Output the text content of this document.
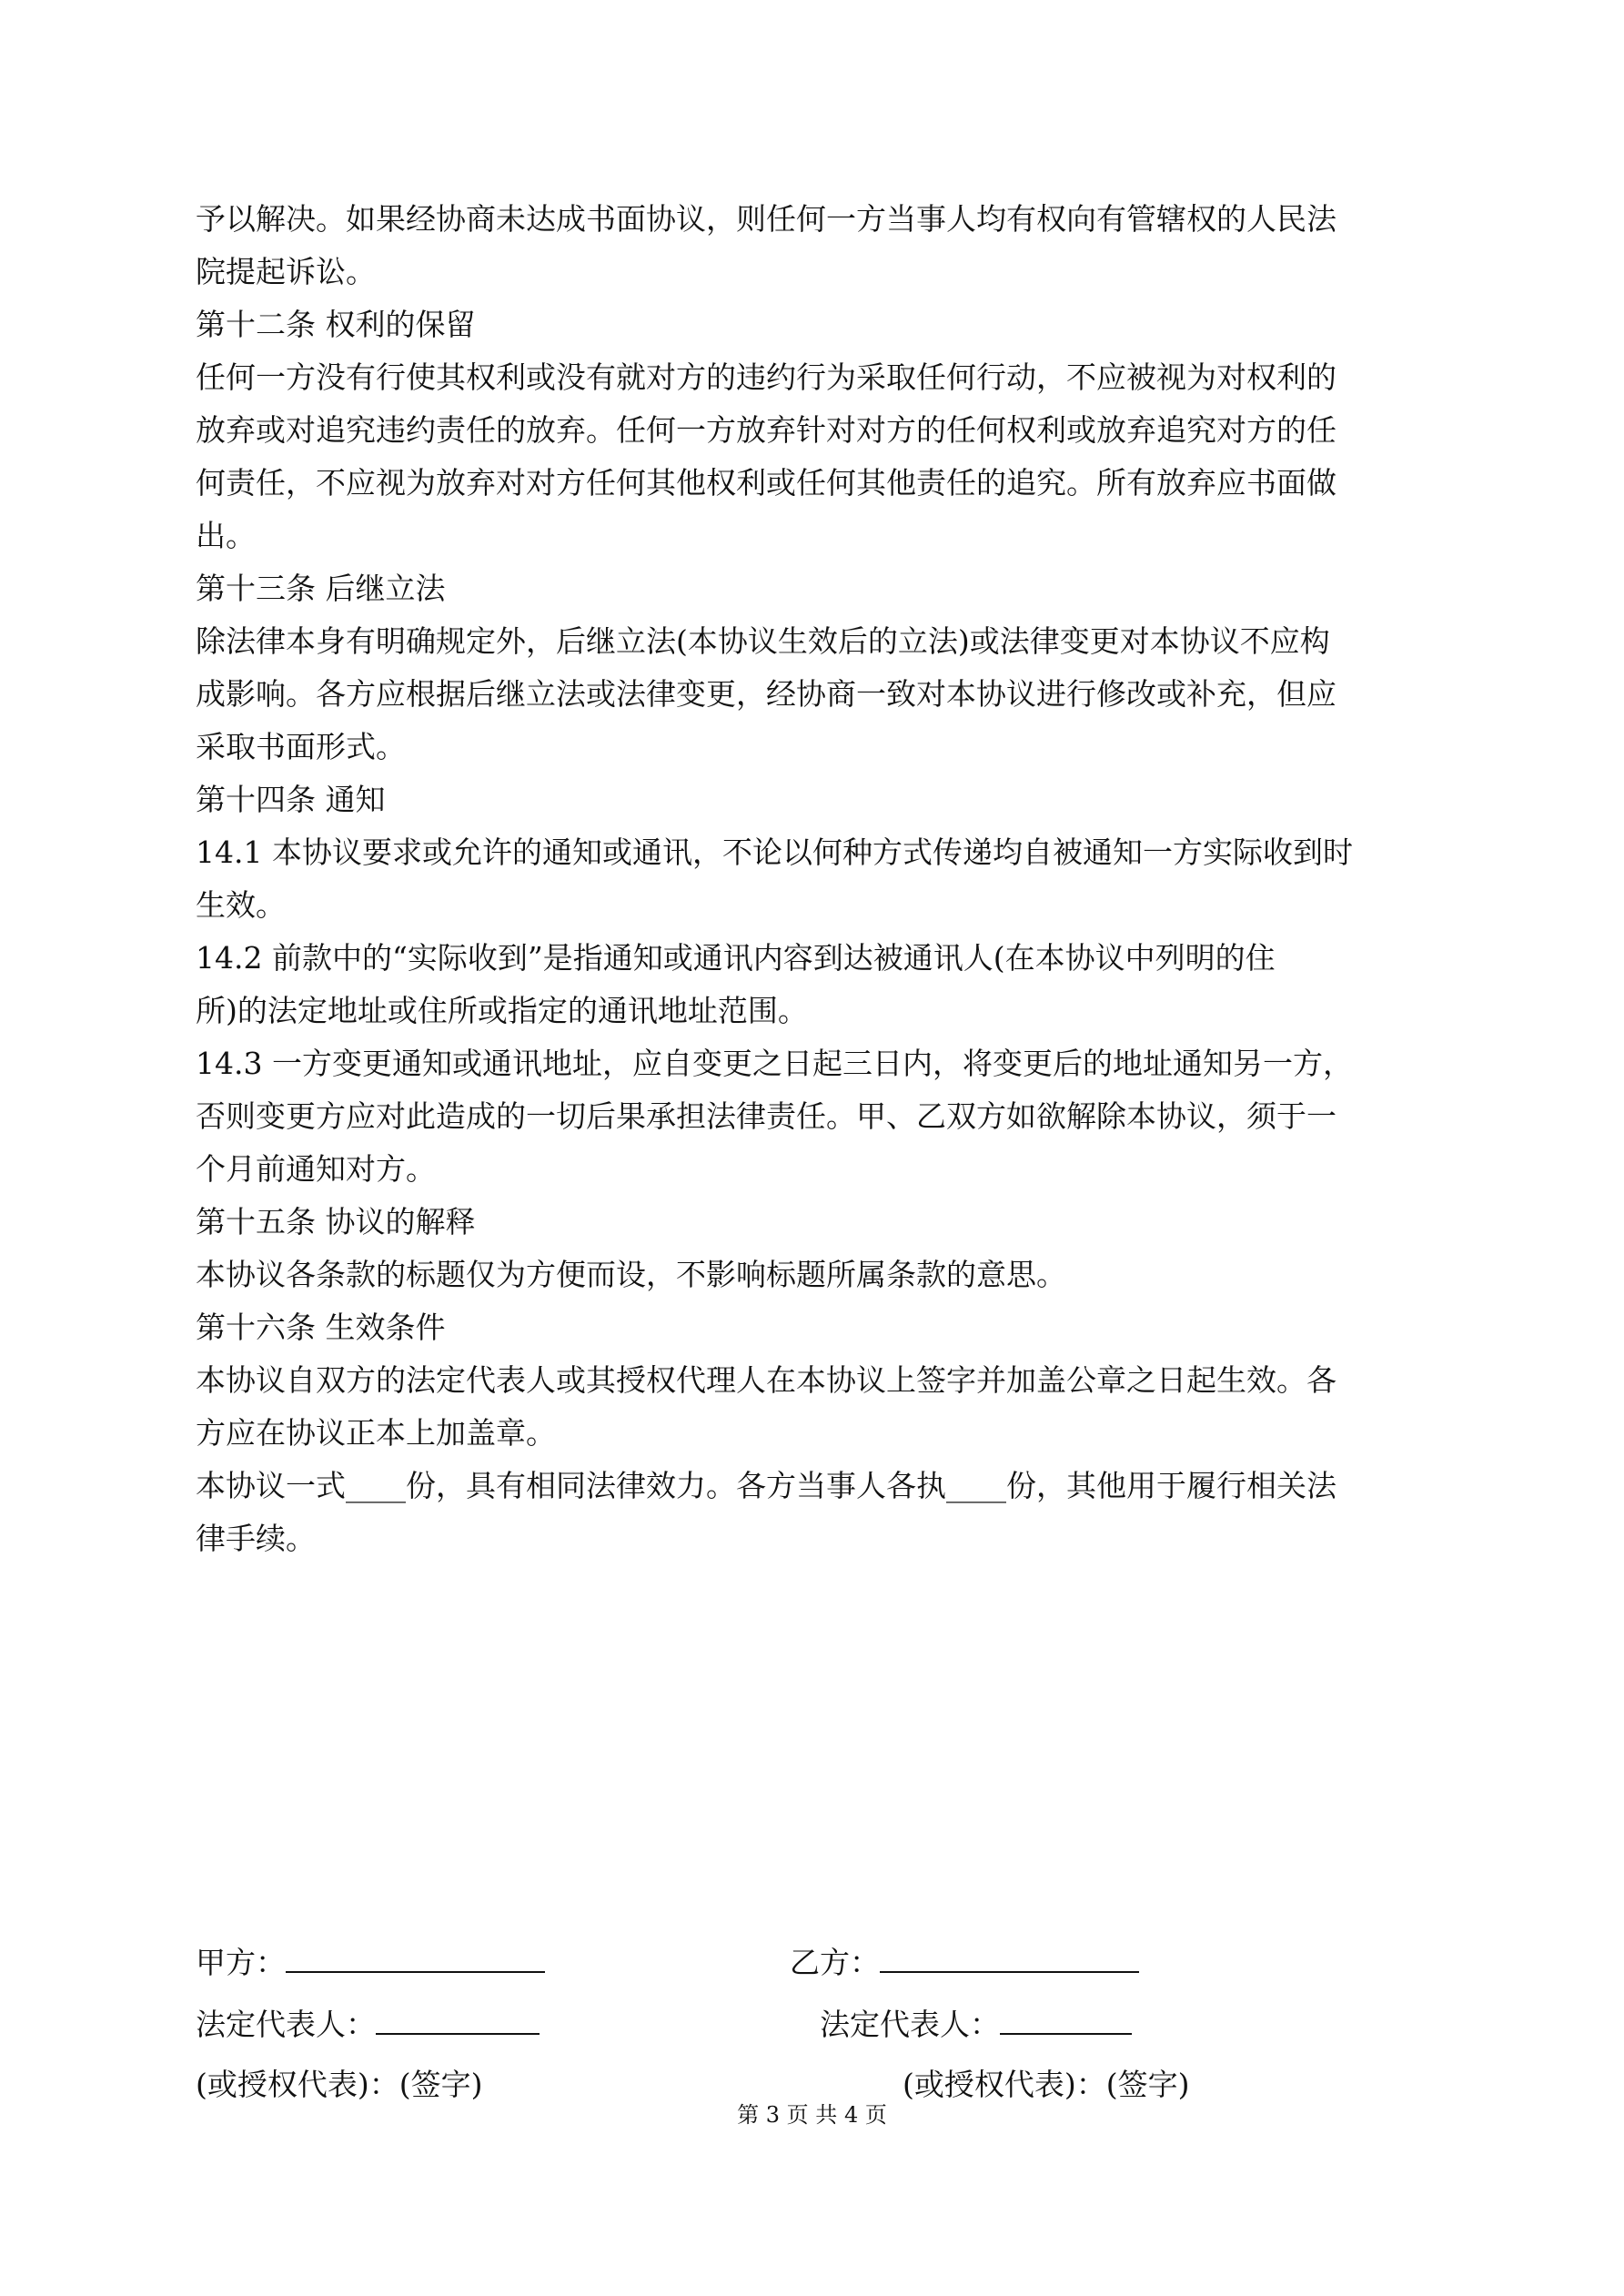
予以解决。如果经协商未达成书面协议，则任何一方当事人均有权向有管辖权的人民法
院提起诉讼。
第十二条 权利的保留
任何一方没有行使其权利或没有就对方的违约行为采取任何行动，不应被视为对权利的
放弃或对追究违约责任的放弃。任何一方放弃针对对方的任何权利或放弃追究对方的任
何责任，不应视为放弃对对方任何其他权利或任何其他责任的追究。所有放弃应书面做
出。
第十三条 后继立法
除法律本身有明确规定外，后继立法(本协议生效后的立法)或法律变更对本协议不应构
成影响。各方应根据后继立法或法律变更，经协商一致对本协议进行修改或补充，但应
采取书面形式。
第十四条 通知
14.1 本协议要求或允许的通知或通讯，不论以何种方式传递均自被通知一方实际收到时
生效。
14.2 前款中的“实际收到”是指通知或通讯内容到达被通讯人(在本协议中列明的住
所)的法定地址或住所或指定的通讯地址范围。
14.3 一方变更通知或通讯地址，应自变更之日起三日内，将变更后的地址通知另一方，
否则变更方应对此造成的一切后果承担法律责任。甲、乙双方如欲解除本协议，须于一
个月前通知对方。
第十五条 协议的解释
本协议各条款的标题仅为方便而设，不影响标题所属条款的意思。
第十六条 生效条件
本协议自双方的法定代表人或其授权代理人在本协议上签字并加盖公章之日起生效。各
方应在协议正本上加盖章。
本协议一式____份，具有相同法律效力。各方当事人各执____份，其他用于履行相关法
律手续。
甲方：	乙方：
法定代表人：	法定代表人：
(或授权代表)：(签字)	(或授权代表)：(签字)
第 3 页 共 4 页
